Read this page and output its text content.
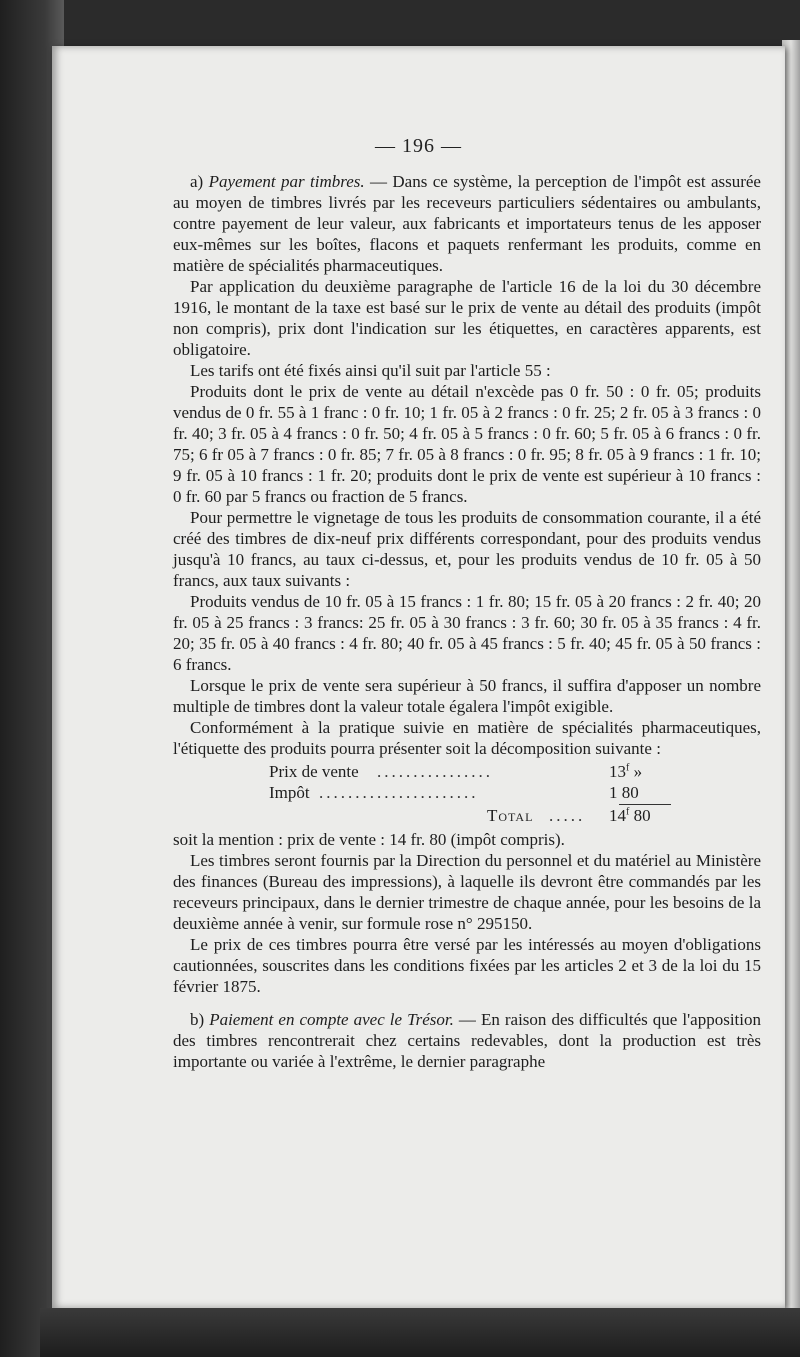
— 196 —

a) Payement par timbres. — Dans ce système, la perception de l'impôt est assurée au moyen de timbres livrés par les receveurs particuliers sédentaires ou ambulants, contre payement de leur valeur, aux fabricants et importateurs tenus de les apposer eux-mêmes sur les boîtes, flacons et paquets renfermant les produits, comme en matière de spécialités pharmaceutiques.

Par application du deuxième paragraphe de l'article 16 de la loi du 30 décembre 1916, le montant de la taxe est basé sur le prix de vente au détail des produits (impôt non compris), prix dont l'indication sur les étiquettes, en caractères apparents, est obligatoire.

Les tarifs ont été fixés ainsi qu'il suit par l'article 55 :

Produits dont le prix de vente au détail n'excède pas 0 fr. 50 : 0 fr. 05; produits vendus de 0 fr. 55 à 1 franc : 0 fr. 10; 1 fr. 05 à 2 francs : 0 fr. 25; 2 fr. 05 à 3 francs : 0 fr. 40; 3 fr. 05 à 4 francs : 0 fr. 50; 4 fr. 05 à 5 francs : 0 fr. 60; 5 fr. 05 à 6 francs : 0 fr. 75; 6 fr 05 à 7 francs : 0 fr. 85; 7 fr. 05 à 8 francs : 0 fr. 95; 8 fr. 05 à 9 francs : 1 fr. 10; 9 fr. 05 à 10 francs : 1 fr. 20; produits dont le prix de vente est supérieur à 10 francs : 0 fr. 60 par 5 francs ou fraction de 5 francs.

Pour permettre le vignetage de tous les produits de consommation courante, il a été créé des timbres de dix-neuf prix différents correspondant, pour des produits vendus jusqu'à 10 francs, au taux ci-dessus, et, pour les produits vendus de 10 fr. 05 à 50 francs, aux taux suivants :

Produits vendus de 10 fr. 05 à 15 francs : 1 fr. 80; 15 fr. 05 à 20 francs : 2 fr. 40; 20 fr. 05 à 25 francs : 3 francs: 25 fr. 05 à 30 francs : 3 fr. 60; 30 fr. 05 à 35 francs : 4 fr. 20; 35 fr. 05 à 40 francs : 4 fr. 80; 40 fr. 05 à 45 francs : 5 fr. 40; 45 fr. 05 à 50 francs : 6 francs.

Lorsque le prix de vente sera supérieur à 50 francs, il suffira d'apposer un nombre multiple de timbres dont la valeur totale égalera l'impôt exigible.

Conformément à la pratique suivie en matière de spécialités pharmaceutiques, l'étiquette des produits pourra présenter soit la décomposition suivante :

Prix de vente ................	13$^f$ »
Impôt ......................	1 80
Total .....	14$^f$ 80

soit la mention : prix de vente : 14 fr. 80 (impôt compris).

Les timbres seront fournis par la Direction du personnel et du matériel au Ministère des finances (Bureau des impressions), à laquelle ils devront être commandés par les receveurs principaux, dans le dernier trimestre de chaque année, pour les besoins de la deuxième année à venir, sur formule rose n° 295150.

Le prix de ces timbres pourra être versé par les intéressés au moyen d'obligations cautionnées, souscrites dans les conditions fixées par les articles 2 et 3 de la loi du 15 février 1875.

b) Paiement en compte avec le Trésor. — En raison des difficultés que l'apposition des timbres rencontrerait chez certains redevables, dont la production est très importante ou variée à l'extrême, le dernier paragraphe
